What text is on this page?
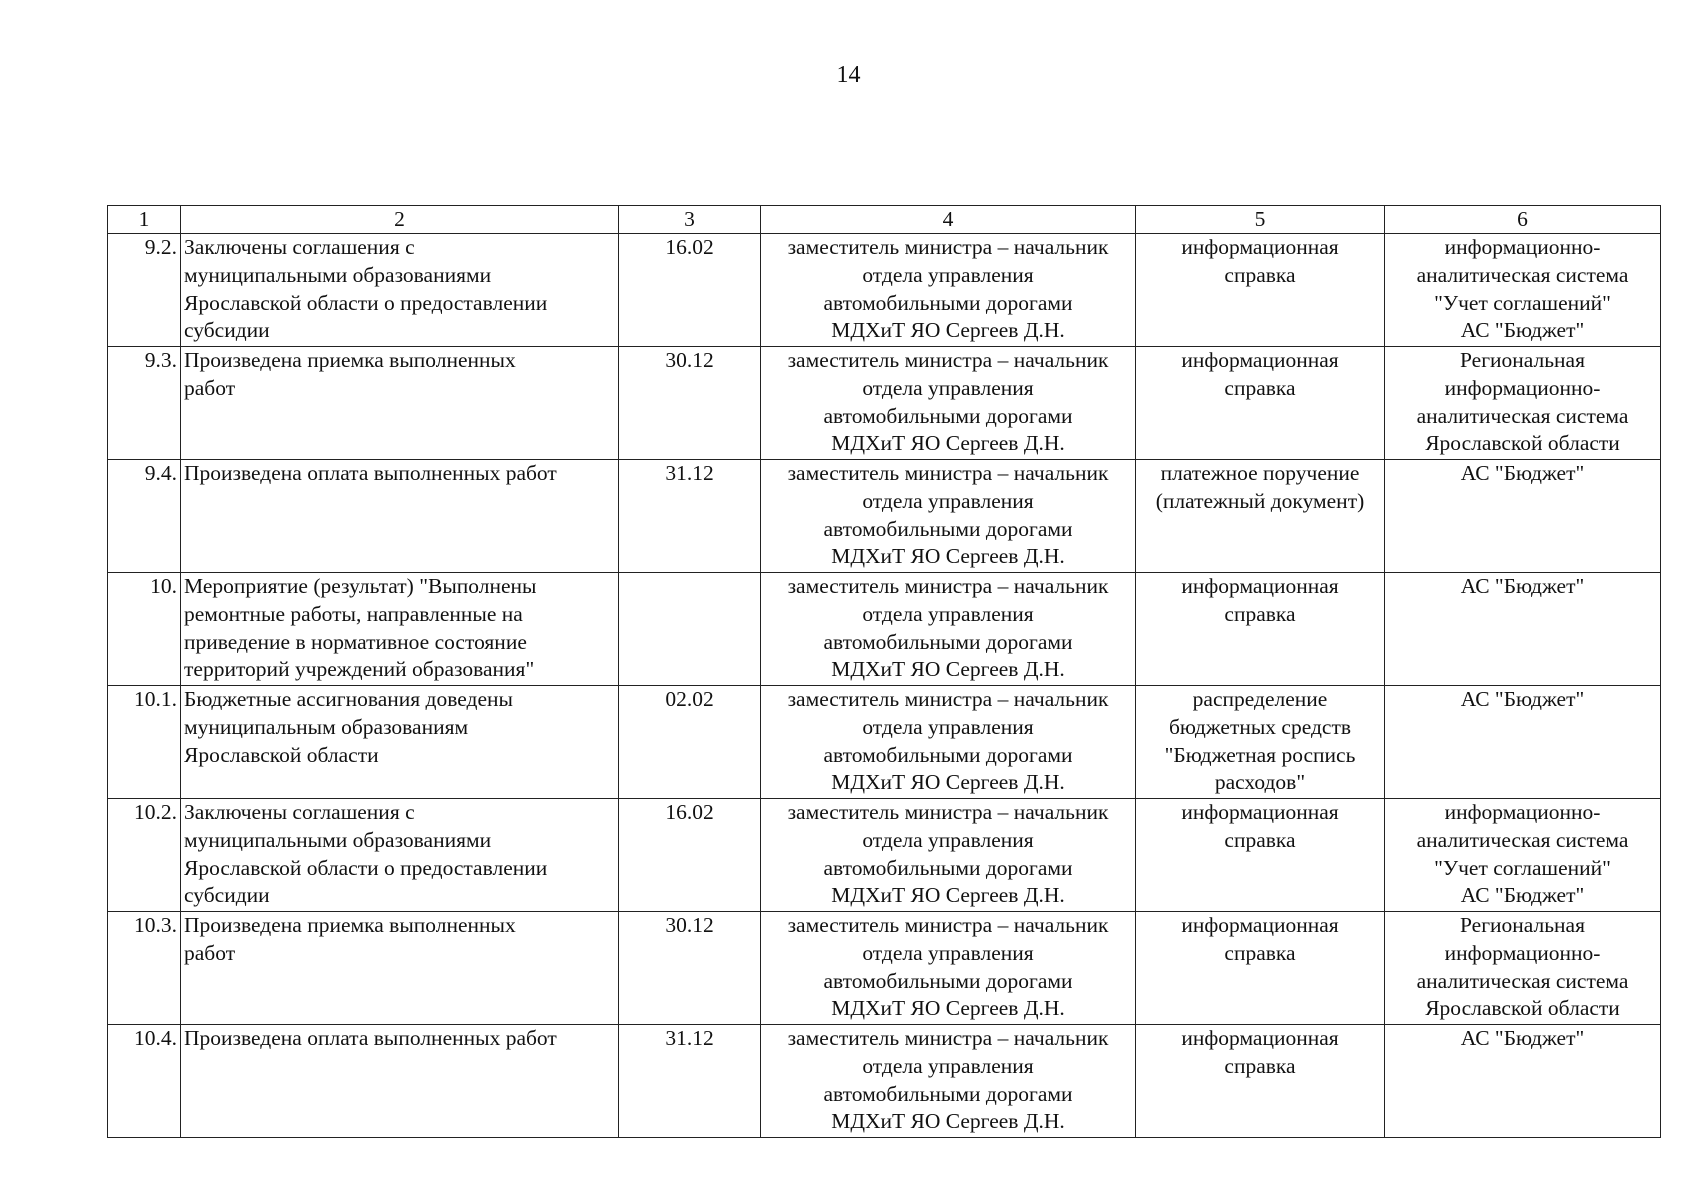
14
1	2	3	4	5	6
9.2.	Заключены соглашения с
муниципальными образованиями
Ярославской области о предоставлении
субсидии	16.02	заместитель министра – начальник
отдела управления
автомобильными дорогами
МДХиТ ЯО Сергеев Д.Н.	информационная
справка	информационно-
аналитическая система
"Учет соглашений"
АС "Бюджет"
9.3.	Произведена приемка выполненных
работ	30.12	заместитель министра – начальник
отдела управления
автомобильными дорогами
МДХиТ ЯО Сергеев Д.Н.	информационная
справка	Региональная
информационно-
аналитическая система
Ярославской области
9.4.	Произведена оплата выполненных работ	31.12	заместитель министра – начальник
отдела управления
автомобильными дорогами
МДХиТ ЯО Сергеев Д.Н.	платежное поручение
(платежный документ)	АС "Бюджет"
10.	Мероприятие (результат) "Выполнены
ремонтные работы, направленные на
приведение в нормативное состояние
территорий учреждений образования"		заместитель министра – начальник
отдела управления
автомобильными дорогами
МДХиТ ЯО Сергеев Д.Н.	информационная
справка	АС "Бюджет"
10.1.	Бюджетные ассигнования доведены
муниципальным образованиям
Ярославской области	02.02	заместитель министра – начальник
отдела управления
автомобильными дорогами
МДХиТ ЯО Сергеев Д.Н.	распределение
бюджетных средств
"Бюджетная роспись
расходов"	АС "Бюджет"
10.2.	Заключены соглашения с
муниципальными образованиями
Ярославской области о предоставлении
субсидии	16.02	заместитель министра – начальник
отдела управления
автомобильными дорогами
МДХиТ ЯО Сергеев Д.Н.	информационная
справка	информационно-
аналитическая система
"Учет соглашений"
АС "Бюджет"
10.3.	Произведена приемка выполненных
работ	30.12	заместитель министра – начальник
отдела управления
автомобильными дорогами
МДХиТ ЯО Сергеев Д.Н.	информационная
справка	Региональная
информационно-
аналитическая система
Ярославской области
10.4.	Произведена оплата выполненных работ	31.12	заместитель министра – начальник
отдела управления
автомобильными дорогами
МДХиТ ЯО Сергеев Д.Н.	информационная
справка	АС "Бюджет"
